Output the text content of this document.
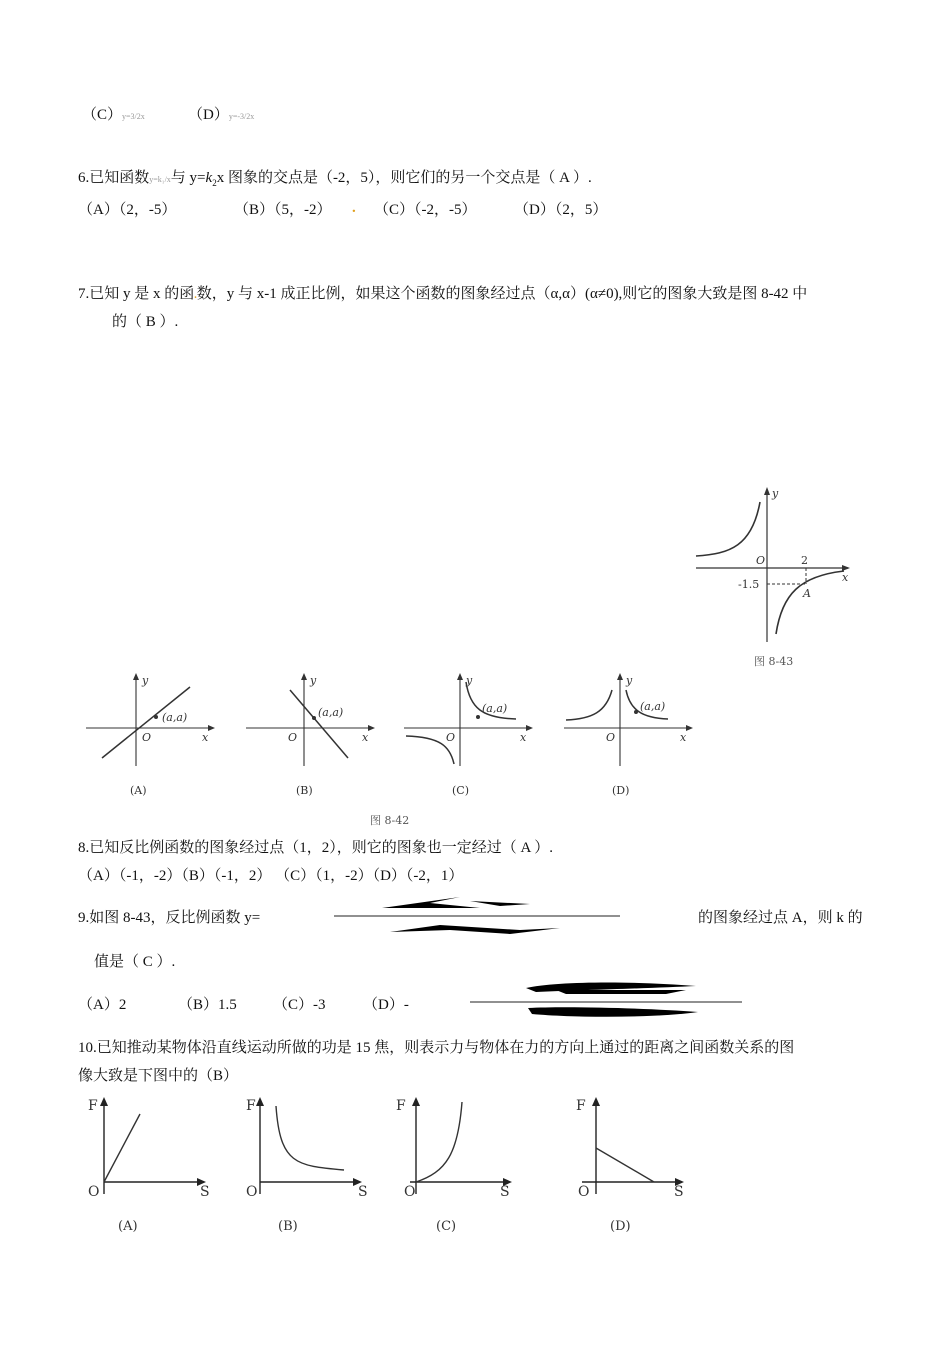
（C）y=3/2x	（D）y=-3/2x
6.已知函数y=k₁/x与 $y=k_2x$ 图象的交点是（-2，5），则它们的另一个交点是（ A ）.
（A）（2，-5）	（B）（5，-2） . （C）（-2，-5）	（D）（2，5）
7.已知 y 是 x 的函.数，y 与 x-1 成正比例，如果这个函数的图象经过点（α,α）(α≠0),则它的图象大致是图 8-42 中
的（ B ）.
y
x
O	2
-1.5
A
图 8-43
y
x
O
(a,a)
(A)
y
x
O
(a,a)
(B)
y
x
O
(a,a)
(C)
y
x
O
(a,a)
(D)
图 8-42
8.已知反比例函数的图象经过点（1，2），则它的图象也一定经过（ A ）.
（A）（-1，-2）（B）（-1，2） （C）（1，-2）（D）（-2，1）
9.如图 8-43，反比例函数 y=	的图象经过点 A，则 k 的
值是（ C ）.
（A）2	（B）1.5 （C）-3 （D）-
10.已知推动某物体沿直线运动所做的功是 15 焦，则表示力与物体在力的方向上通过的距离之间函数关系的图
像大致是下图中的（B）
F
S
O
(A)
F
S
O
(B)
F
S
O
(C)
F
S
O
(D)
